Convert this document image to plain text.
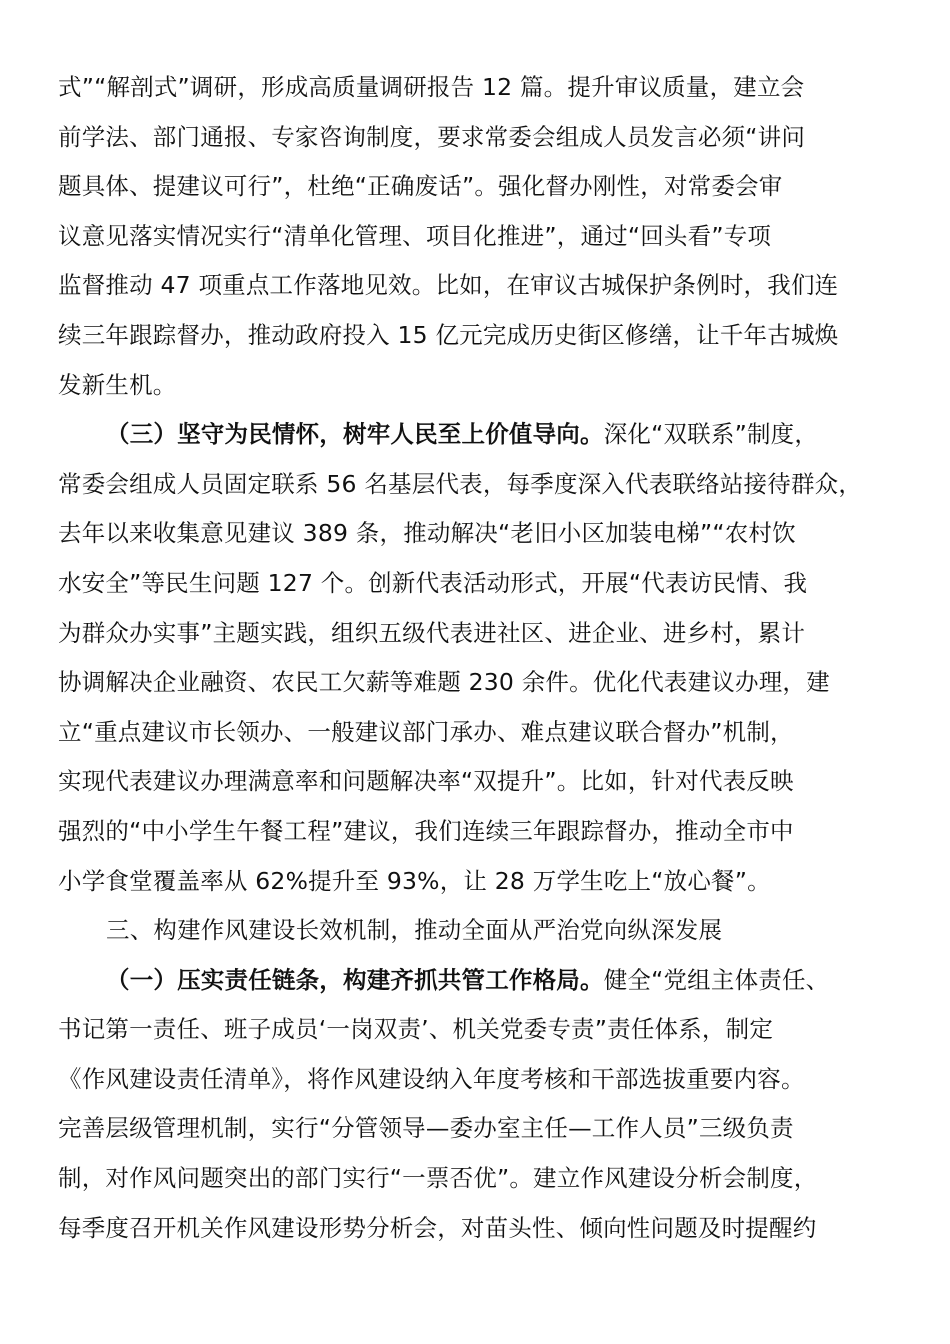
式”“解剖式”调研，形成高质量调研报告 12 篇。提升审议质量，建立会
前学法、部门通报、专家咨询制度，要求常委会组成人员发言必须“讲问
题具体、提建议可行”，杜绝“正确废话”。强化督办刚性，对常委会审
议意见落实情况实行“清单化管理、项目化推进”，通过“回头看”专项
监督推动 47 项重点工作落地见效。比如，在审议古城保护条例时，我们连
续三年跟踪督办，推动政府投入 15 亿元完成历史街区修缮，让千年古城焕
发新生机。
（三）坚守为民情怀，树牢人民至上价值导向。深化“双联系”制度，
常委会组成人员固定联系 56 名基层代表，每季度深入代表联络站接待群众，
去年以来收集意见建议 389 条，推动解决“老旧小区加装电梯”“农村饮
水安全”等民生问题 127 个。创新代表活动形式，开展“代表访民情、我
为群众办实事”主题实践，组织五级代表进社区、进企业、进乡村，累计
协调解决企业融资、农民工欠薪等难题 230 余件。优化代表建议办理，建
立“重点建议市长领办、一般建议部门承办、难点建议联合督办”机制，
实现代表建议办理满意率和问题解决率“双提升”。比如，针对代表反映
强烈的“中小学生午餐工程”建议，我们连续三年跟踪督办，推动全市中
小学食堂覆盖率从 62%提升至 93%，让 28 万学生吃上“放心餐”。
三、构建作风建设长效机制，推动全面从严治党向纵深发展
（一）压实责任链条，构建齐抓共管工作格局。健全“党组主体责任、
书记第一责任、班子成员‘一岗双责’、机关党委专责”责任体系，制定
《作风建设责任清单》，将作风建设纳入年度考核和干部选拔重要内容。
完善层级管理机制，实行“分管领导—委办室主任—工作人员”三级负责
制，对作风问题突出的部门实行“一票否优”。建立作风建设分析会制度，
每季度召开机关作风建设形势分析会，对苗头性、倾向性问题及时提醒约
